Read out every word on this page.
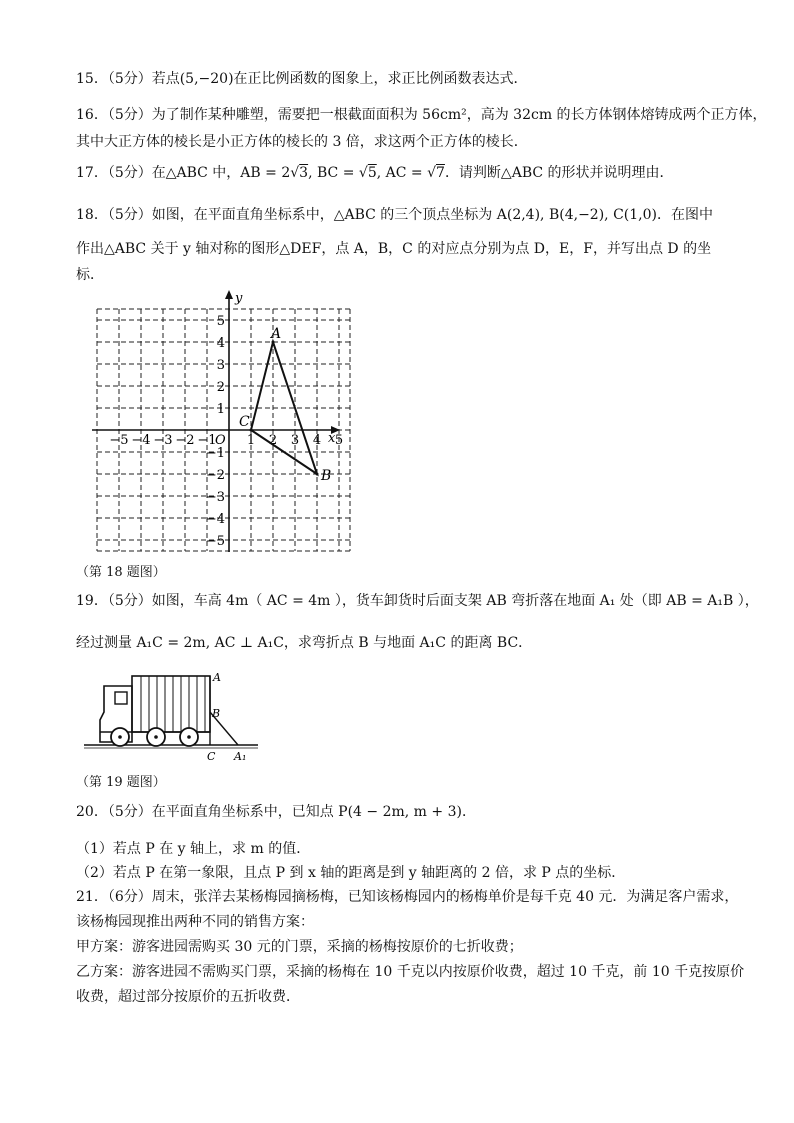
15．（5分）若点(5,−20)在正比例函数的图象上，求正比例函数表达式．
16．（5分）为了制作某种雕塑，需要把一根截面面积为 56cm²，高为 32cm 的长方体钢体熔铸成两个正方体，
其中大正方体的棱长是小正方体的棱长的 3 倍，求这两个正方体的棱长．
17．（5分）在△ABC 中，AB = 2√3, BC = √5, AC = √7．请判断△ABC 的形状并说明理由．
18．（5分）如图，在平面直角坐标系中，△ABC 的三个顶点坐标为 A(2,4), B(4,−2), C(1,0)．在图中
作出△ABC 关于 y 轴对称的图形△DEF，点 A，B，C 的对应点分别为点 D，E，F，并写出点 D 的坐
标．
x
y
−5 −4 −3 −2 −1 1 2 3 4 5
5
4
3
2
1
−1
−2
−3
−4
−5
O
A
B
C
（第 18 题图）
19．（5分）如图，车高 4m（ AC = 4m ），货车卸货时后面支架 AB 弯折落在地面 A₁ 处（即 AB = A₁B ），
经过测量 A₁C = 2m, AC ⊥ A₁C，求弯折点 B 与地面 A₁C 的距离 BC．
A
B
C A₁
（第 19 题图）
20．（5分）在平面直角坐标系中，已知点 P(4 − 2m, m + 3)．
（1）若点 P 在 y 轴上，求 m 的值．
（2）若点 P 在第一象限，且点 P 到 x 轴的距离是到 y 轴距离的 2 倍，求 P 点的坐标．
21．（6分）周末，张洋去某杨梅园摘杨梅，已知该杨梅园内的杨梅单价是每千克 40 元．为满足客户需求，
该杨梅园现推出两种不同的销售方案：
甲方案：游客进园需购买 30 元的门票，采摘的杨梅按原价的七折收费；
乙方案：游客进园不需购买门票，采摘的杨梅在 10 千克以内按原价收费，超过 10 千克，前 10 千克按原价
收费，超过部分按原价的五折收费．
